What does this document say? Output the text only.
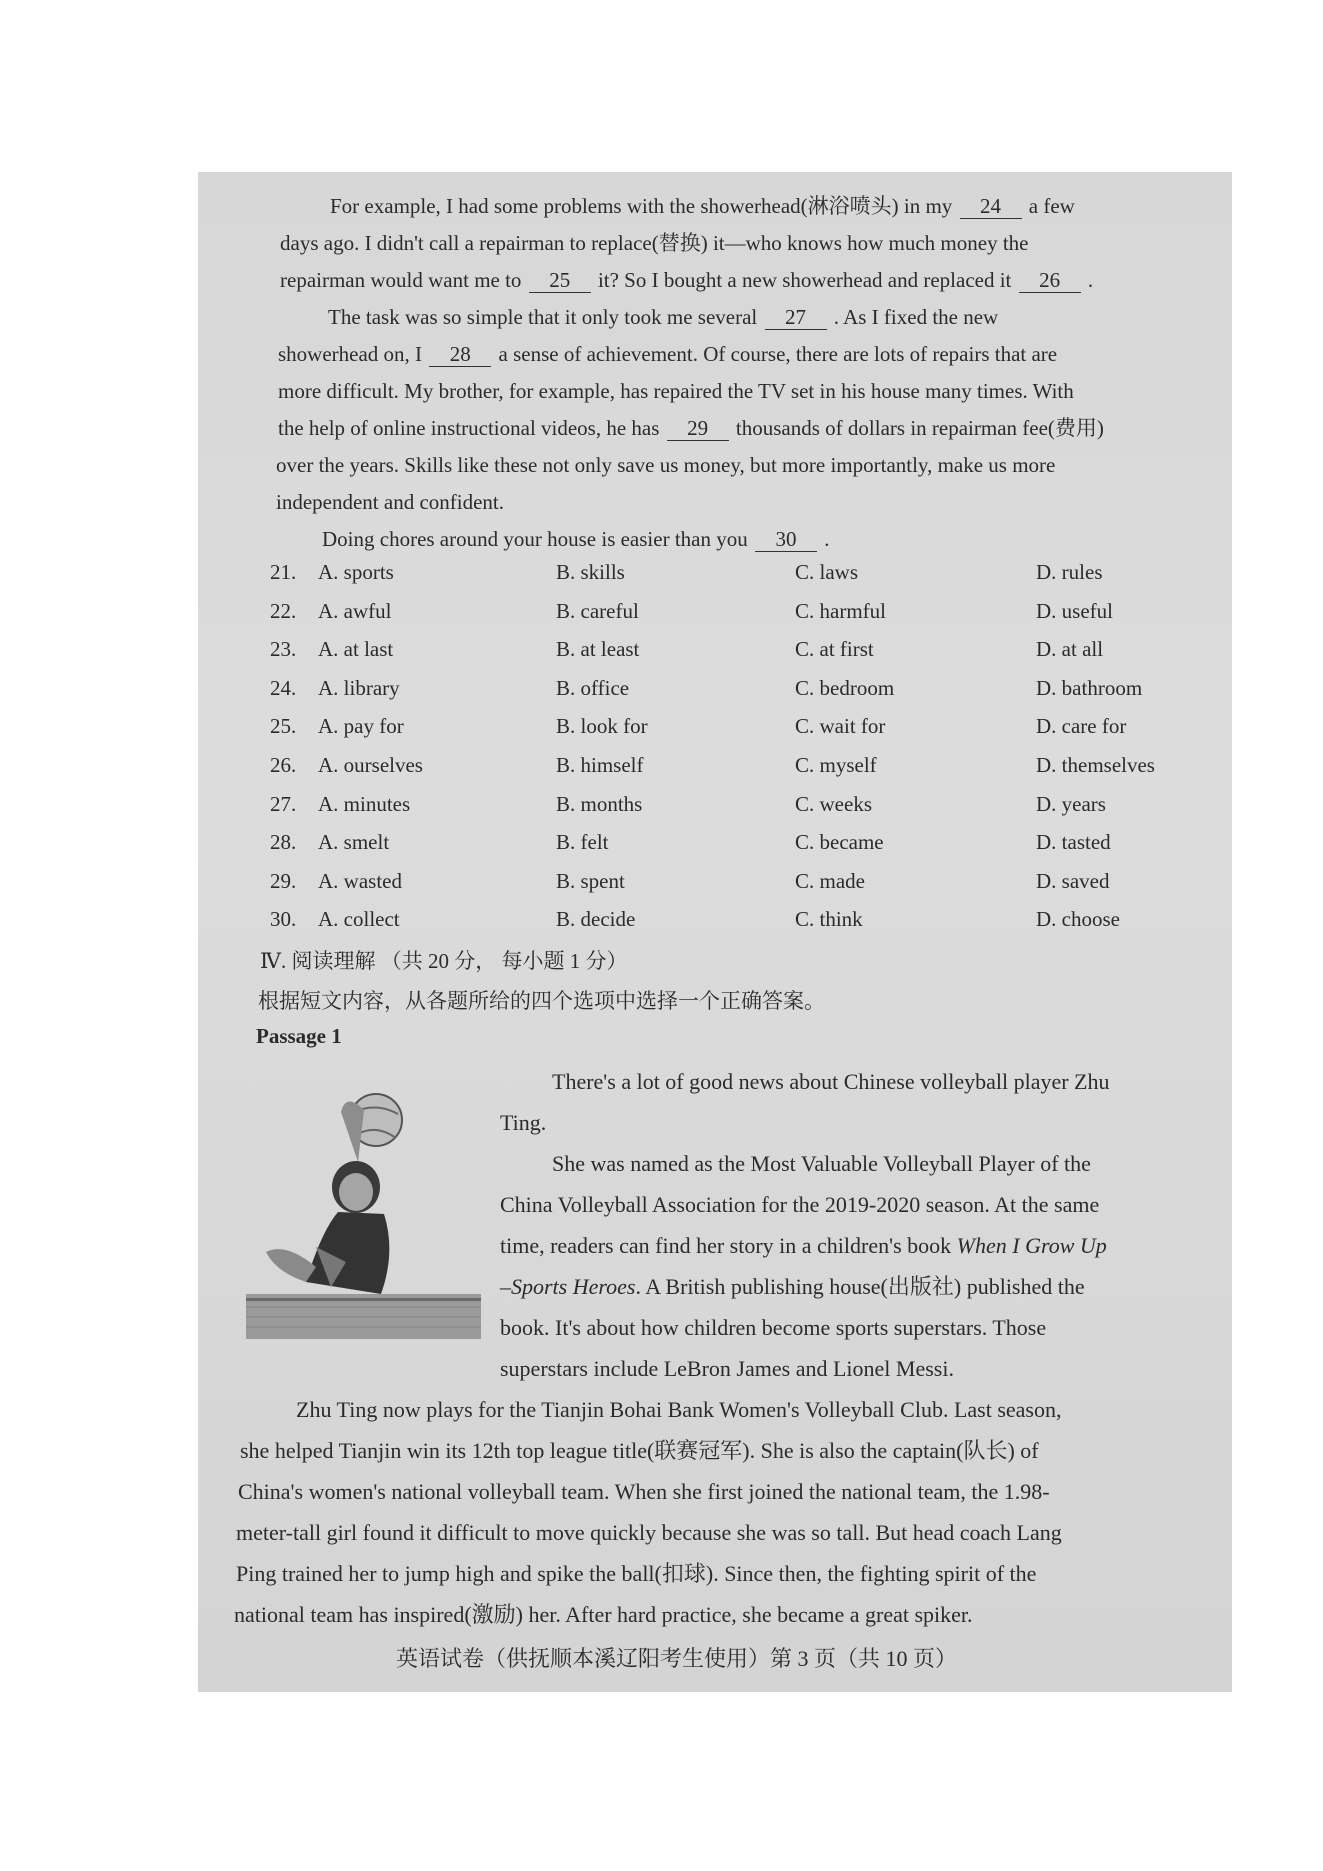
For example, I had some problems with the showerhead(淋浴喷头) in my 24 a few
days ago. I didn't call a repairman to replace(替换) it—who knows how much money the
repairman would want me to 25 it? So I bought a new showerhead and replaced it 26 .
The task was so simple that it only took me several 27 . As I fixed the new
showerhead on, I 28 a sense of achievement. Of course, there are lots of repairs that are
more difficult. My brother, for example, has repaired the TV set in his house many times. With
the help of online instructional videos, he has 29 thousands of dollars in repairman fee(费用)
over the years. Skills like these not only save us money, but more importantly, make us more
independent and confident.
Doing chores around your house is easier than you 30 .
21. A. sports	B. skills	C. laws	D. rules
22. A. awful	B. careful	C. harmful	D. useful
23. A. at last	B. at least	C. at first	D. at all
24. A. library	B. office	C. bedroom	D. bathroom
25. A. pay for	B. look for	C. wait for	D. care for
26. A. ourselves	B. himself	C. myself	D. themselves
27. A. minutes	B. months	C. weeks	D. years
28. A. smelt	B. felt	C. became	D. tasted
29. A. wasted	B. spent	C. made	D. saved
30. A. collect	B. decide	C. think	D. choose
Ⅳ. 阅读理解 （共 20 分， 每小题 1 分）
根据短文内容，从各题所给的四个选项中选择一个正确答案。
Passage 1
There's a lot of good news about Chinese volleyball player Zhu
Ting.
She was named as the Most Valuable Volleyball Player of the
China Volleyball Association for the 2019-2020 season. At the same
time, readers can find her story in a children's book When I Grow Up
–Sports Heroes. A British publishing house(出版社) published the
book. It's about how children become sports superstars. Those
superstars include LeBron James and Lionel Messi.
Zhu Ting now plays for the Tianjin Bohai Bank Women's Volleyball Club. Last season,
she helped Tianjin win its 12th top league title(联赛冠军). She is also the captain(队长) of
China's women's national volleyball team. When she first joined the national team, the 1.98-
meter-tall girl found it difficult to move quickly because she was so tall. But head coach Lang
Ping trained her to jump high and spike the ball(扣球). Since then, the fighting spirit of the
national team has inspired(激励) her. After hard practice, she became a great spiker.
英语试卷（供抚顺本溪辽阳考生使用）第 3 页（共 10 页）
